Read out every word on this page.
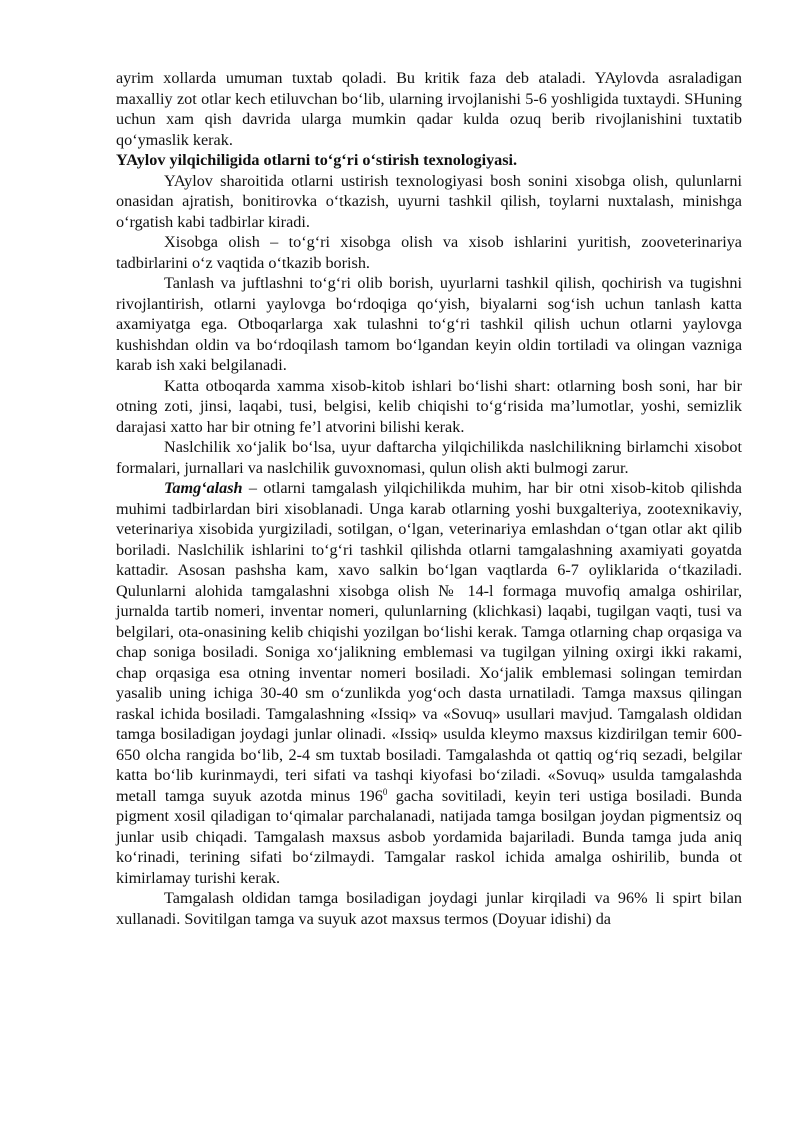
ayrim xollarda umuman tuxtab qoladi. Bu kritik faza deb ataladi. YAylovda asraladigan maxalliy zot otlar kech etiluvchan bo‘lib, ularning irvojlanishi 5-6 yoshligida tuxtaydi. SHuning uchun xam qish davrida ularga mumkin qadar kulda ozuq berib rivojlanishini tuxtatib qo‘ymaslik kerak.

YAylov yilqichiligida otlarni to‘g‘ri o‘stirish texnologiyasi.

YAylov sharoitida otlarni ustirish texnologiyasi bosh sonini xisobga olish, qulunlarni onasidan ajratish, bonitirovka o‘tkazish, uyurni tashkil qilish, toylarni nuxtalash, minishga o‘rgatish kabi tadbirlar kiradi.

Xisobga olish – to‘g‘ri xisobga olish va xisob ishlarini yuritish, zooveterinariya tadbirlarini o‘z vaqtida o‘tkazib borish.

Tanlash va juftlashni to‘g‘ri olib borish, uyurlarni tashkil qilish, qochirish va tugishni rivojlantirish, otlarni yaylovga bo‘rdoqiga qo‘yish, biyalarni sog‘ish uchun tanlash katta axamiyatga ega. Otboqarlarga xak tulashni to‘g‘ri tashkil qilish uchun otlarni yaylovga kushishdan oldin va bo‘rdoqilash tamom bo‘lgandan keyin oldin tortiladi va olingan vazniga karab ish xaki belgilanadi.

Katta otboqarda xamma xisob-kitob ishlari bo‘lishi shart: otlarning bosh soni, har bir otning zoti, jinsi, laqabi, tusi, belgisi, kelib chiqishi to‘g‘risida ma’lumotlar, yoshi, semizlik darajasi xatto har bir otning fe’l atvorini bilishi kerak.

Naslchilik xo‘jalik bo‘lsa, uyur daftarcha yilqichilikda naslchilikning birlamchi xisobot formalari, jurnallari va naslchilik guvoxnomasi, qulun olish akti bulmogi zarur.

Tamg‘alash – otlarni tamgalash yilqichilikda muhim, har bir otni xisob-kitob qilishda muhimi tadbirlardan biri xisoblanadi. Unga karab otlarning yoshi buxgalteriya, zootexnikaviy, veterinariya xisobida yurgiziladi, sotilgan, o‘lgan, veterinariya emlashdan o‘tgan otlar akt qilib boriladi. Naslchilik ishlarini to‘g‘ri tashkil qilishda otlarni tamgalashning axamiyati goyatda kattadir. Asosan pashsha kam, xavo salkin bo‘lgan vaqtlarda 6-7 oyliklarida o‘tkaziladi. Qulunlarni alohida tamgalashni xisobga olish № 14-l formaga muvofiq amalga oshirilar, jurnalda tartib nomeri, inventar nomeri, qulunlarning (klichkasi) laqabi, tugilgan vaqti, tusi va belgilari, ota-onasining kelib chiqishi yozilgan bo‘lishi kerak. Tamga otlarning chap orqasiga va chap soniga bosiladi. Soniga xo‘jalikning emblemasi va tugilgan yilning oxirgi ikki rakami, chap orqasiga esa otning inventar nomeri bosiladi. Xo‘jalik emblemasi solingan temirdan yasalib uning ichiga 30-40 sm o‘zunlikda yog‘och dasta urnatiladi. Tamga maxsus qilingan raskal ichida bosiladi. Tamgalashning «Issiq» va «Sovuq» usullari mavjud. Tamgalash oldidan tamga bosiladigan joydagi junlar olinadi. «Issiq» usulda kleymo maxsus kizdirilgan temir 600-650 olcha rangida bo‘lib, 2-4 sm tuxtab bosiladi. Tamgalashda ot qattiq og‘riq sezadi, belgilar katta bo‘lib kurinmaydi, teri sifati va tashqi kiyofasi bo‘ziladi. «Sovuq» usulda tamgalashda metall tamga suyuk azotda minus $196^0$ gacha sovitiladi, keyin teri ustiga bosiladi. Bunda pigment xosil qiladigan to‘qimalar parchalanadi, natijada tamga bosilgan joydan pigmentsiz oq junlar usib chiqadi. Tamgalash maxsus asbob yordamida bajariladi. Bunda tamga juda aniq ko‘rinadi, terining sifati bo‘zilmaydi. Tamgalar raskol ichida amalga oshirilib, bunda ot kimirlamay turishi kerak.

Tamgalash oldidan tamga bosiladigan joydagi junlar kirqiladi va 96% li spirt bilan xullanadi. Sovitilgan tamga va suyuk azot maxsus termos (Doyuar idishi) da
